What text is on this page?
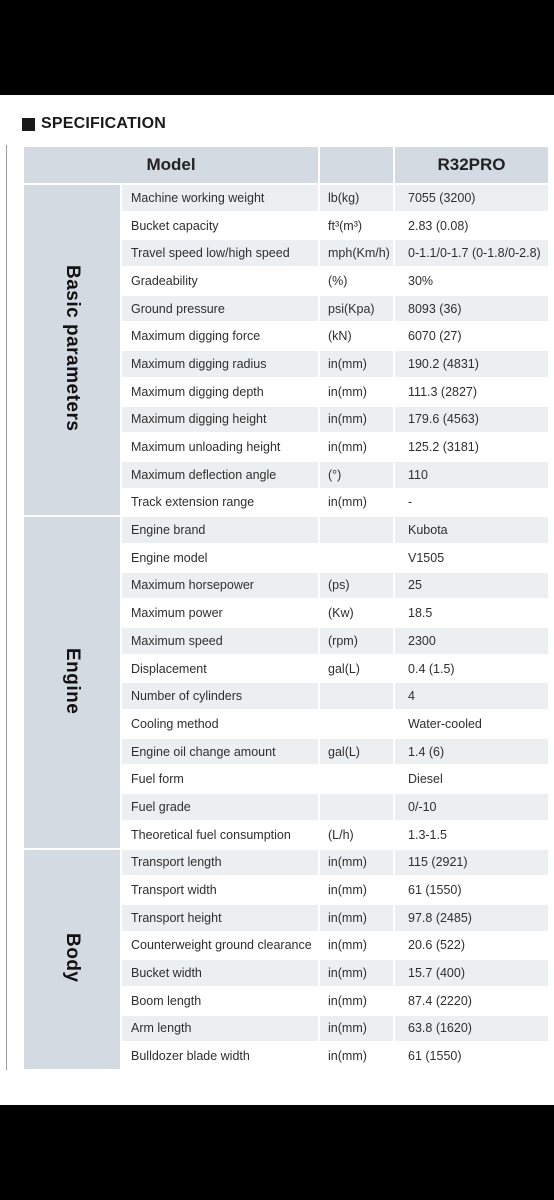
SPECIFICATION
Model			R32PRO
Basic parameters	Machine working weight	lb(kg)	7055 (3200)
	Bucket capacity	ft³(m³)	2.83 (0.08)
	Travel speed low/high speed	mph(Km/h)	0-1.1/0-1.7 (0-1.8/0-2.8)
	Gradeability	(%)	30%
	Ground pressure	psi(Kpa)	8093 (36)
	Maximum digging force	(kN)	6070 (27)
	Maximum digging radius	in(mm)	190.2 (4831)
	Maximum digging depth	in(mm)	111.3 (2827)
	Maximum digging height	in(mm)	179.6 (4563)
	Maximum unloading height	in(mm)	125.2 (3181)
	Maximum deflection angle	(°)	110
	Track extension range	in(mm)	-
Engine	Engine brand		Kubota
	Engine model		V1505
	Maximum horsepower	(ps)	25
	Maximum power	(Kw)	18.5
	Maximum speed	(rpm)	2300
	Displacement	gal(L)	0.4 (1.5)
	Number of cylinders		4
	Cooling method		Water-cooled
	Engine oil change amount	gal(L)	1.4 (6)
	Fuel form		Diesel
	Fuel grade		0/-10
	Theoretical fuel consumption	(L/h)	1.3-1.5
Body	Transport length	in(mm)	115 (2921)
	Transport width	in(mm)	61 (1550)
	Transport height	in(mm)	97.8 (2485)
	Counterweight ground clearance	in(mm)	20.6 (522)
	Bucket width	in(mm)	15.7 (400)
	Boom length	in(mm)	87.4 (2220)
	Arm length	in(mm)	63.8 (1620)
	Bulldozer blade width	in(mm)	61 (1550)
